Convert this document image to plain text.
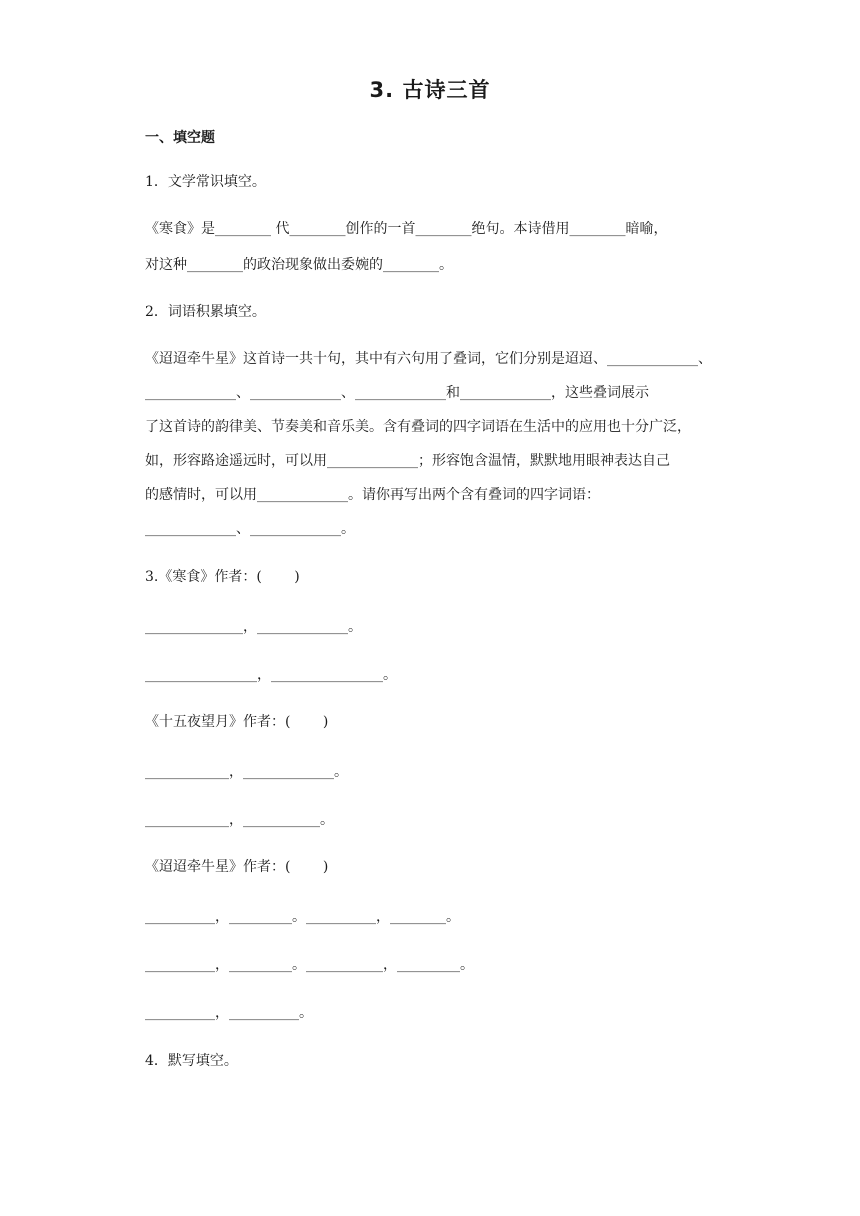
3. 古诗三首
一、填空题
1．文学常识填空。
《寒食》是________ 代________创作的一首________绝句。本诗借用________暗喻，
对这种________的政治现象做出委婉的________。
2．词语积累填空。
《迢迢牵牛星》这首诗一共十句，其中有六句用了叠词，它们分别是迢迢、_____________、
_____________、_____________、_____________和_____________，这些叠词展示
了这首诗的韵律美、节奏美和音乐美。含有叠词的四字词语在生活中的应用也十分广泛，
如，形容路途遥远时，可以用_____________；形容饱含温情，默默地用眼神表达自己
的感情时，可以用_____________。请你再写出两个含有叠词的四字词语：
_____________、_____________。
3.《寒食》作者：(　　 )
______________，_____________。
________________，________________。
《十五夜望月》作者：(　　 )
____________，_____________。
____________，___________。
《迢迢牵牛星》作者：(　　 )
__________，_________。__________，________。
__________，_________。___________，_________。
__________，__________。
4．默写填空。
